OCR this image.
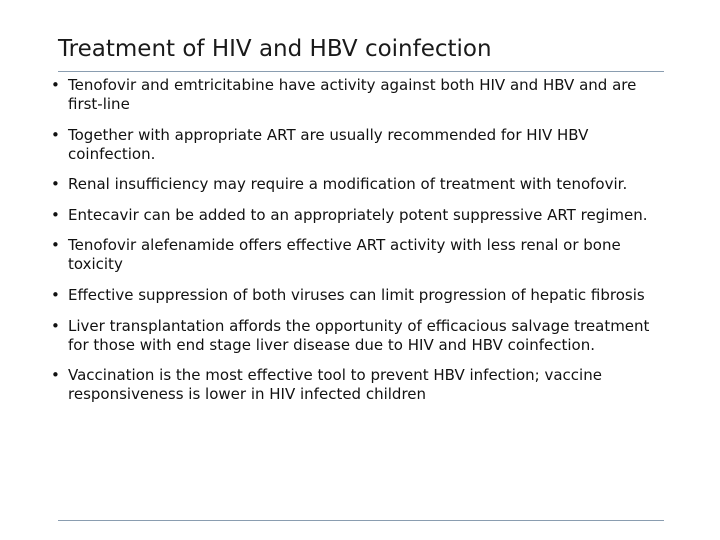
Treatment of HIV and HBV coinfection
• Tenofovir and emtricitabine have activity against both HIV and HBV and are first-line
• Together with appropriate ART are usually recommended for HIV HBV coinfection.
• Renal insufficiency may require a modification of treatment with tenofovir.
• Entecavir can be added to an appropriately potent suppressive ART regimen.
• Tenofovir alefenamide offers effective ART activity with less renal or bone toxicity
• Effective suppression of both viruses can limit progression of hepatic fibrosis
• Liver transplantation affords the opportunity of efficacious salvage treatment for those with end stage liver disease due to HIV and HBV coinfection.
• Vaccination is the most effective tool to prevent HBV infection; vaccine responsiveness is lower in HIV infected children
